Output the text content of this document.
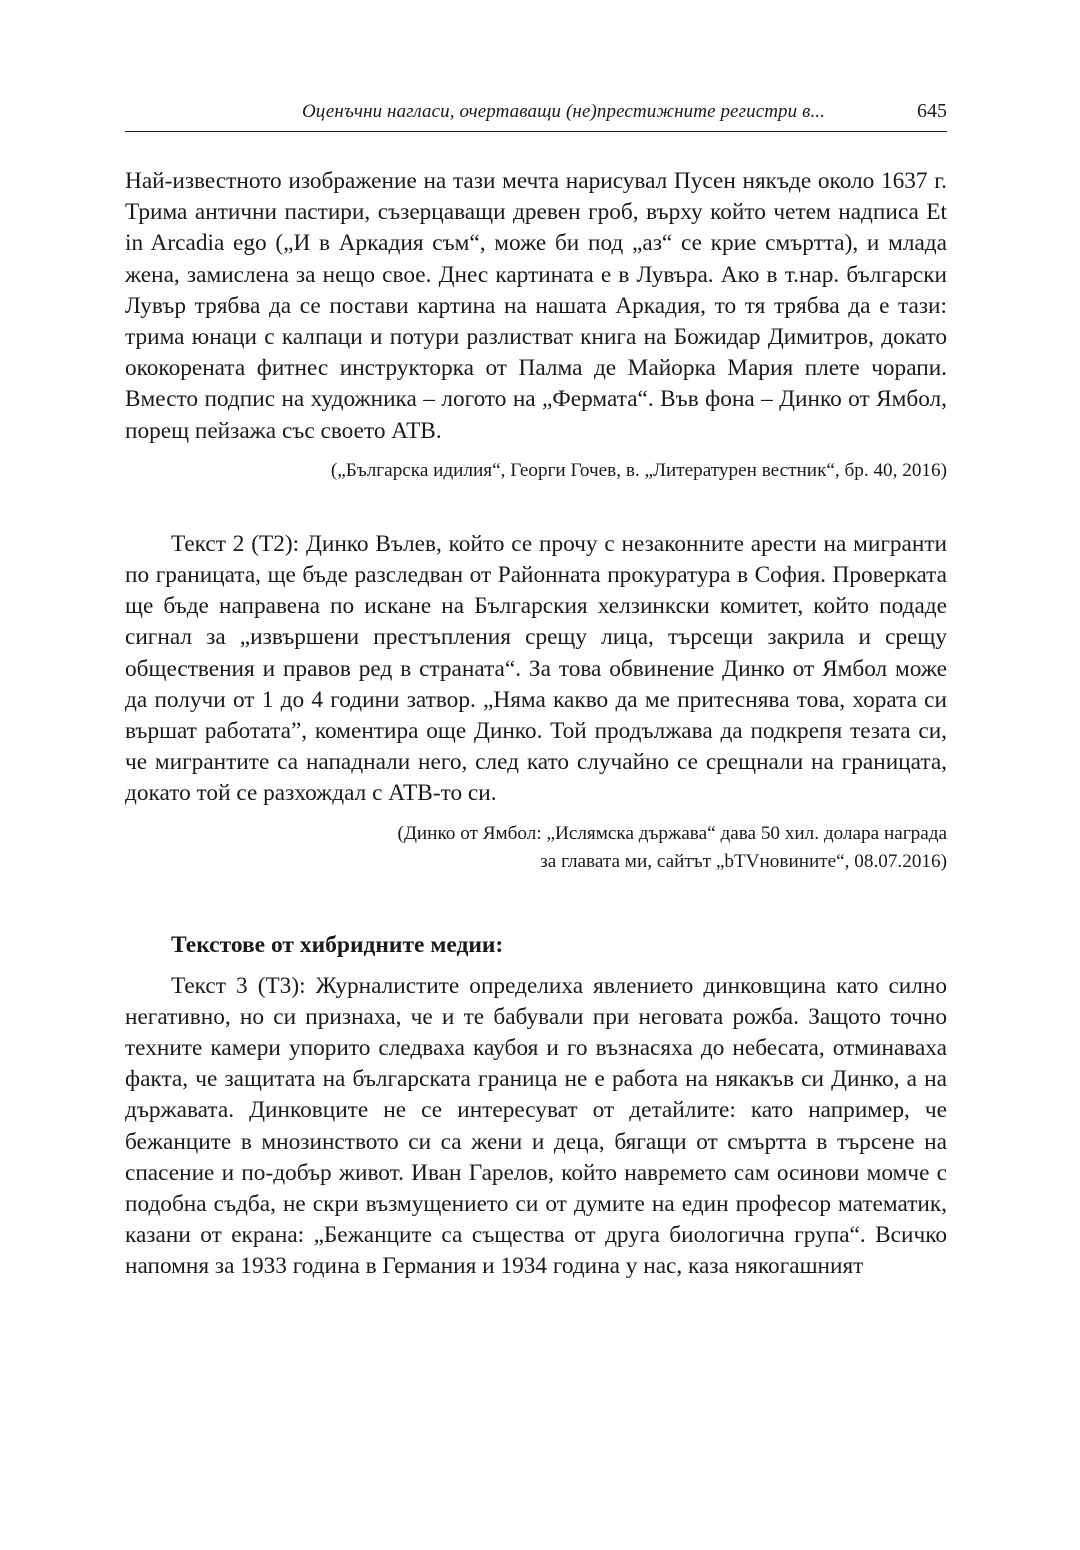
Оценъчни нагласи, очертаващи (не)престижните регистри в...	645

Най-известното изображение на тази мечта нарисувал Пусен някъде около 1637 г. Трима антични пастири, съзерцаващи древен гроб, върху който четем надписа Et in Arcadia ego („И в Аркадия съм“, може би под „аз“ се крие смъртта), и млада жена, замислена за нещо свое. Днес картината е в Лувъра. Ако в т.нар. български Лувър трябва да се постави картина на нашата Аркадия, то тя трябва да е тази: трима юнаци с калпаци и потури разлистват книга на Божидар Димитров, докато ококорената фитнес инструкторка от Палма де Майорка Мария плете чорапи. Вместо подпис на художника – логото на „Фермата“. Във фона – Динко от Ямбол, порещ пейзажа със своето АТВ.

(„Българска идилия“, Георги Гочев, в. „Литературен вестник“, бр. 40, 2016)

Текст 2 (Т2): Динко Вълев, който се прочу с незаконните арести на мигранти по границата, ще бъде разследван от Районната прокуратура в София. Проверката ще бъде направена по искане на Българския хелзинкски комитет, който подаде сигнал за „извършени престъпления срещу лица, търсещи закрила и срещу обществения и правов ред в страната“. За това обвинение Динко от Ямбол може да получи от 1 до 4 години затвор. „Няма какво да ме притеснява това, хората си вършат работата”, коментира още Динко. Той продължава да подкрепя тезата си, че мигрантите са нападнали него, след като случайно се срещнали на границата, докато той се разхождал с АТВ-то си.

(Динко от Ямбол: „Ислямска държава“ дава 50 хил. долара награда
за главата ми, сайтът „bTVновините“, 08.07.2016)
Текстове от хибридните медии:

Текст 3 (Т3): Журналистите определиха явлението динковщина като силно негативно, но си признаха, че и те бабували при неговата рожба. Защото точно техните камери упорито следваха каубоя и го възнасяха до небесата, отминаваха факта, че защитата на българската граница не е работа на някакъв си Динко, а на държавата. Динковците не се интересуват от детайлите: като например, че бежанците в мнозинството си са жени и деца, бягащи от смъртта в търсене на спасение и по-добър живот. Иван Гарелов, който навремето сам осинови момче с подобна съдба, не скри възмущението си от думите на един професор математик, казани от екрана: „Бежанците са същества от друга биологична група“. Всичко напомня за 1933 година в Германия и 1934 година у нас, каза някогашният
